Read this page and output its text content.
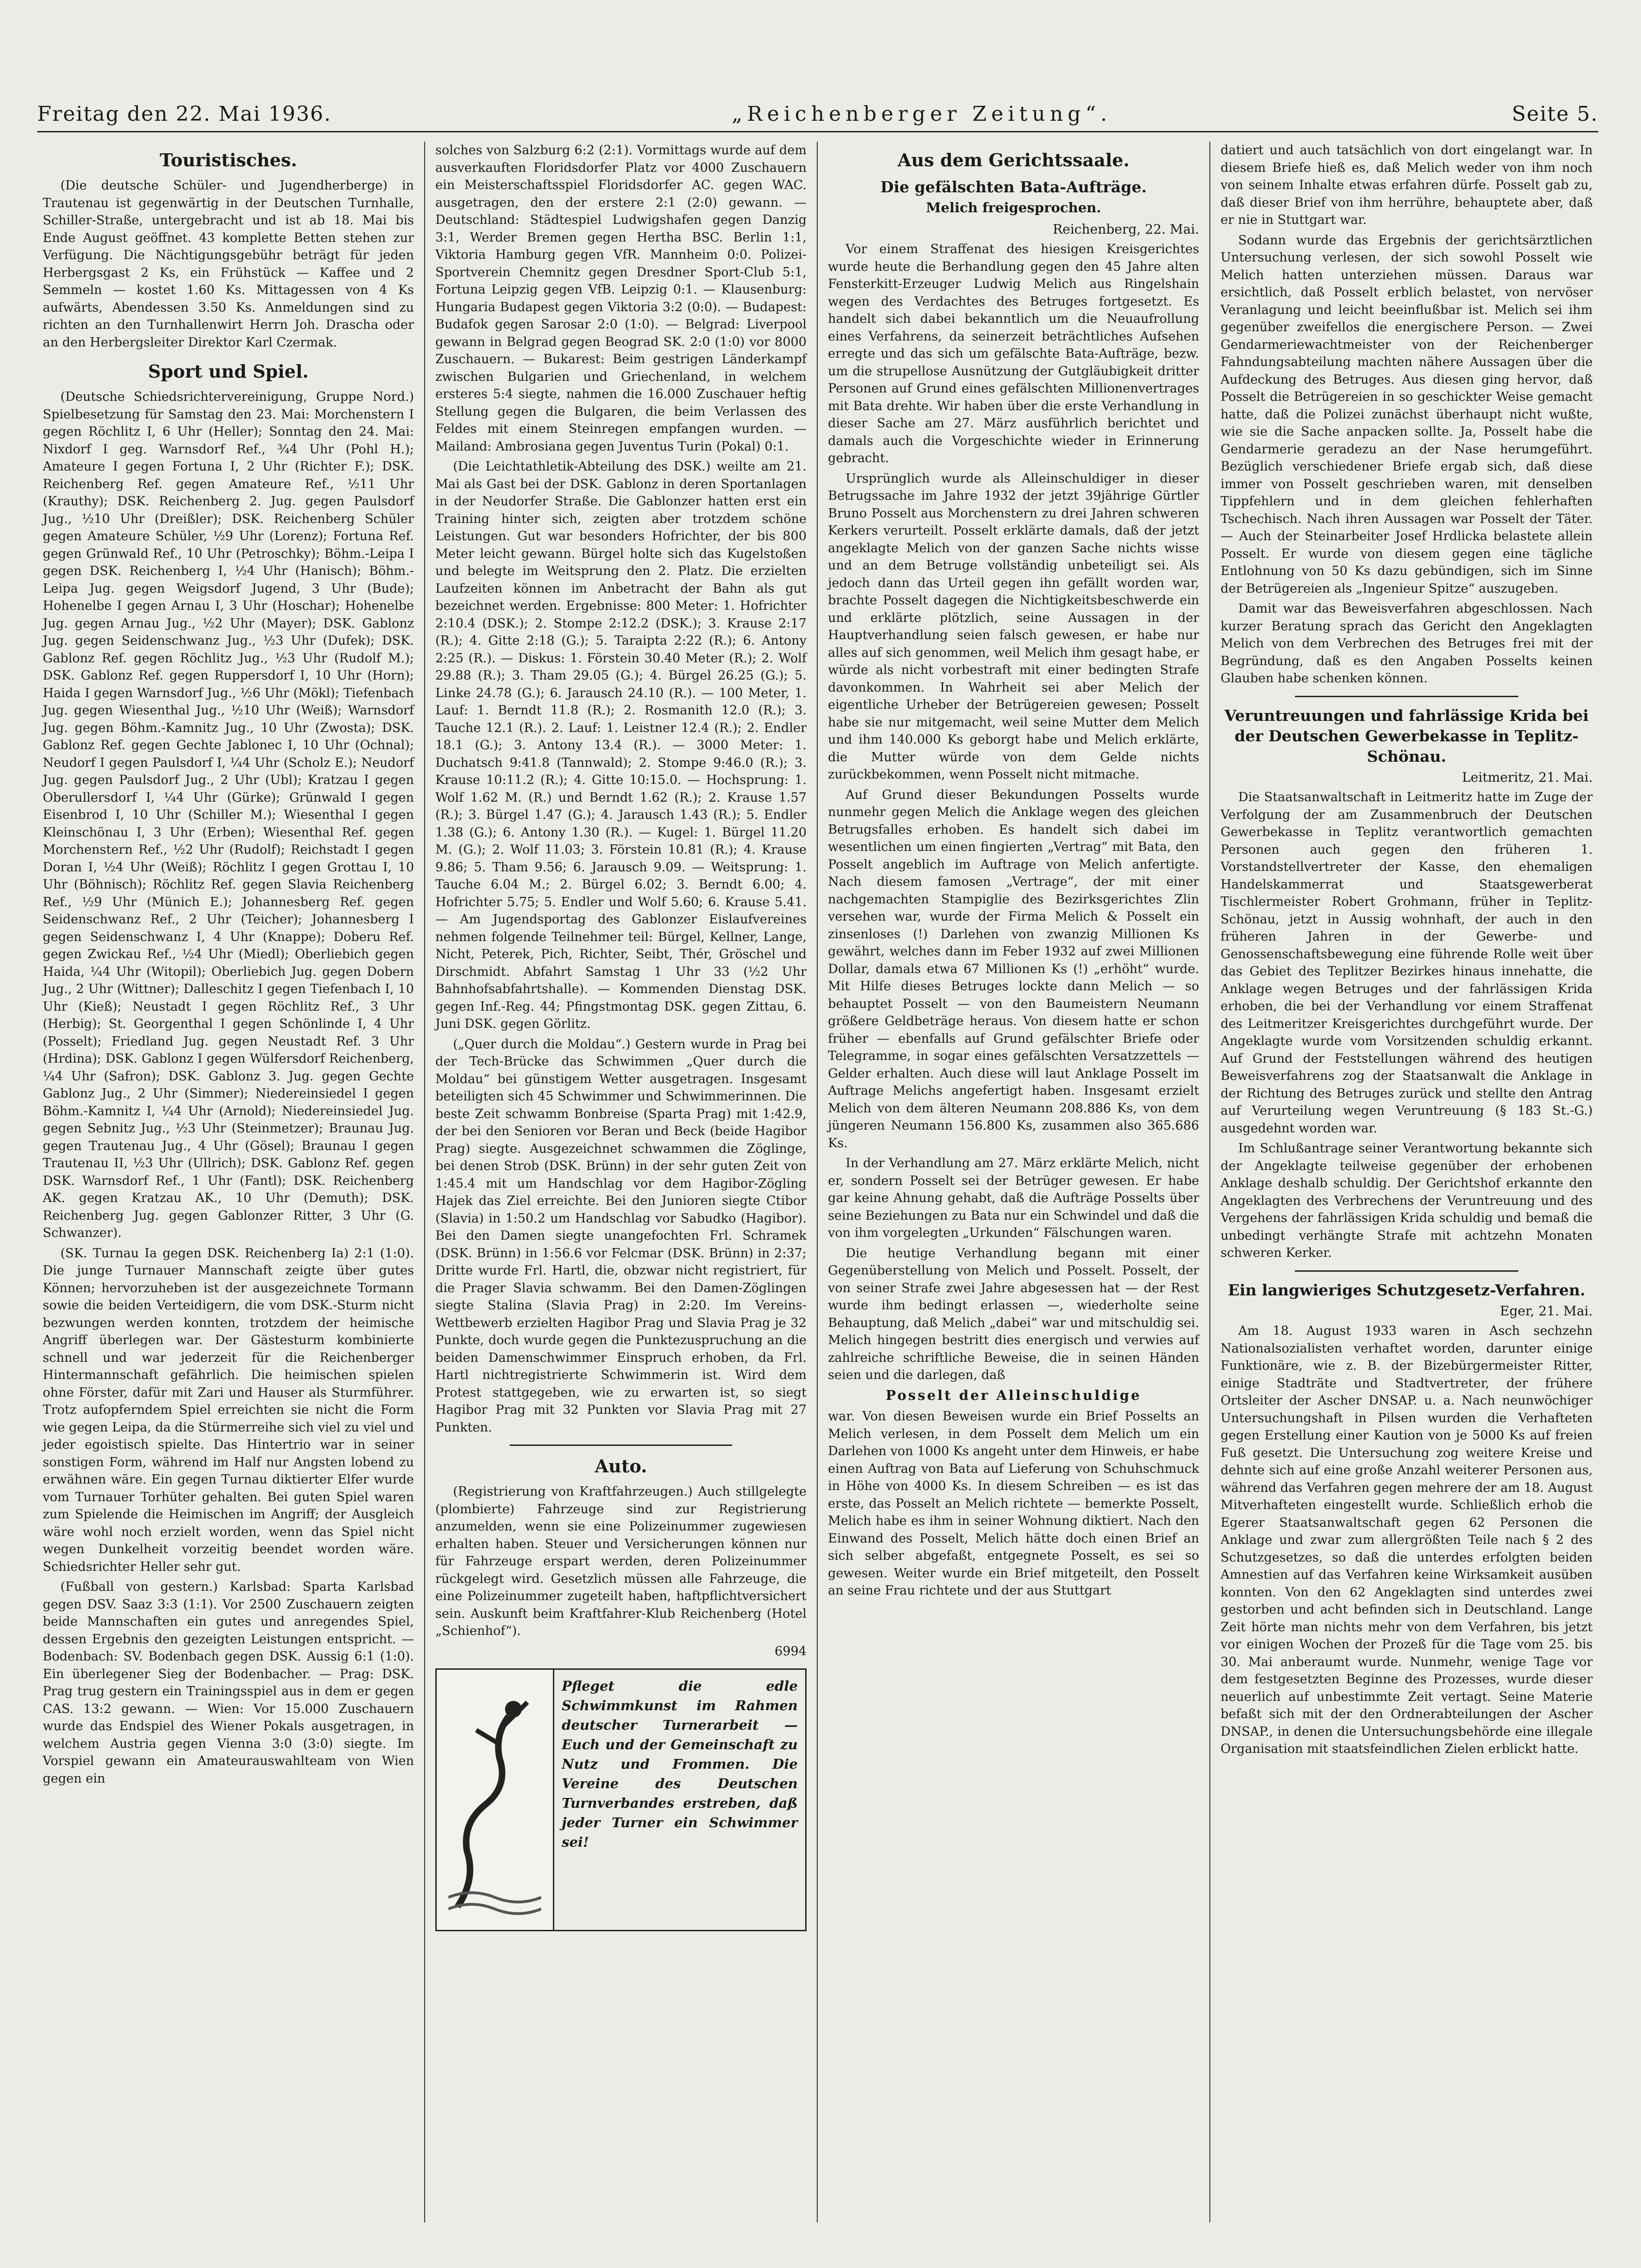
Freitag den 22. Mai 1936.	„Reichenberger Zeitung“.	Seite 5.
Touristisches.

(Die deutsche Schüler- und Jugendherberge) in Trautenau ist gegenwärtig in der Deutschen Turnhalle, Schiller-Straße, untergebracht und ist ab 18. Mai bis Ende August geöffnet. 43 komplette Betten stehen zur Verfügung. Die Nächtigungsgebühr beträgt für jeden Herbergsgast 2 Ks, ein Frühstück — Kaffee und 2 Semmeln — kostet 1.60 Ks. Mittagessen von 4 Ks aufwärts, Abendessen 3.50 Ks. Anmeldungen sind zu richten an den Turnhallenwirt Herrn Joh. Drascha oder an den Herbergsleiter Direktor Karl Czermak.

Sport und Spiel.

(Deutsche Schiedsrichtervereinigung, Gruppe Nord.) Spielbesetzung für Samstag den 23. Mai: Morchenstern I gegen Röchlitz I, 6 Uhr (Heller); Sonntag den 24. Mai: Nixdorf I geg. Warnsdorf Ref., ¾4 Uhr (Pohl H.); Amateure I gegen Fortuna I, 2 Uhr (Richter F.); DSK. Reichenberg Ref. gegen Amateure Ref., ½11 Uhr (Krauthy); DSK. Reichenberg 2. Jug. gegen Paulsdorf Jug., ½10 Uhr (Dreißler); DSK. Reichenberg Schüler gegen Amateure Schüler, ½9 Uhr (Lorenz); Fortuna Ref. gegen Grünwald Ref., 10 Uhr (Petroschky); Böhm.-Leipa I gegen DSK. Reichenberg I, ½4 Uhr (Hanisch); Böhm.-Leipa Jug. gegen Weigsdorf Jugend, 3 Uhr (Bude); Hohenelbe I gegen Arnau I, 3 Uhr (Hoschar); Hohenelbe Jug. gegen Arnau Jug., ½2 Uhr (Mayer); DSK. Gablonz Jug. gegen Seidenschwanz Jug., ½3 Uhr (Dufek); DSK. Gablonz Ref. gegen Röchlitz Jug., ½3 Uhr (Rudolf M.); DSK. Gablonz Ref. gegen Ruppersdorf I, 10 Uhr (Horn); Haida I gegen Warnsdorf Jug., ½6 Uhr (Mökl); Tiefenbach Jug. gegen Wiesenthal Jug., ½10 Uhr (Weiß); Warnsdorf Jug. gegen Böhm.-Kamnitz Jug., 10 Uhr (Zwosta); DSK. Gablonz Ref. gegen Gechte Jablonec I, 10 Uhr (Ochnal); Neudorf I gegen Paulsdorf I, ¼4 Uhr (Scholz E.); Neudorf Jug. gegen Paulsdorf Jug., 2 Uhr (Ubl); Kratzau I gegen Oberullersdorf I, ¼4 Uhr (Gürke); Grünwald I gegen Eisenbrod I, 10 Uhr (Schiller M.); Wiesenthal I gegen Kleinschönau I, 3 Uhr (Erben); Wiesenthal Ref. gegen Morchenstern Ref., ½2 Uhr (Rudolf); Reichstadt I gegen Doran I, ½4 Uhr (Weiß); Röchlitz I gegen Grottau I, 10 Uhr (Böhnisch); Röchlitz Ref. gegen Slavia Reichenberg Ref., ½9 Uhr (Münich E.); Johannesberg Ref. gegen Seidenschwanz Ref., 2 Uhr (Teicher); Johannesberg I gegen Seidenschwanz I, 4 Uhr (Knappe); Doberu Ref. gegen Zwickau Ref., ½4 Uhr (Miedl); Oberliebich gegen Haida, ¼4 Uhr (Witopil); Oberliebich Jug. gegen Dobern Jug., 2 Uhr (Wittner); Dalleschitz I gegen Tiefenbach I, 10 Uhr (Kieß); Neustadt I gegen Röchlitz Ref., 3 Uhr (Herbig); St. Georgenthal I gegen Schönlinde I, 4 Uhr (Posselt); Friedland Jug. gegen Neustadt Ref. 3 Uhr (Hrdina); DSK. Gablonz I gegen Wülfersdorf Reichenberg, ¼4 Uhr (Safron); DSK. Gablonz 3. Jug. gegen Gechte Gablonz Jug., 2 Uhr (Simmer); Niedereinsiedel I gegen Böhm.-Kamnitz I, ¼4 Uhr (Arnold); Niedereinsiedel Jug. gegen Sebnitz Jug., ½3 Uhr (Steinmetzer); Braunau Jug. gegen Trautenau Jug., 4 Uhr (Gösel); Braunau I gegen Trautenau II, ½3 Uhr (Ullrich); DSK. Gablonz Ref. gegen DSK. Warnsdorf Ref., 1 Uhr (Fantl); DSK. Reichenberg AK. gegen Kratzau AK., 10 Uhr (Demuth); DSK. Reichenberg Jug. gegen Gablonzer Ritter, 3 Uhr (G. Schwanzer).

(SK. Turnau Ia gegen DSK. Reichenberg Ia) 2:1 (1:0). Die junge Turnauer Mannschaft zeigte über gutes Können; hervorzuheben ist der ausgezeichnete Tormann sowie die beiden Verteidigern, die vom DSK.-Sturm nicht bezwungen werden konnten, trotzdem der heimische Angriff überlegen war. Der Gästesturm kombinierte schnell und war jederzeit für die Reichenberger Hintermannschaft gefährlich. Die heimischen spielen ohne Förster, dafür mit Zari und Hauser als Sturmführer. Trotz aufopferndem Spiel erreichten sie nicht die Form wie gegen Leipa, da die Stürmerreihe sich viel zu viel und jeder egoistisch spielte. Das Hintertrio war in seiner sonstigen Form, während im Half nur Angsten lobend zu erwähnen wäre. Ein gegen Turnau diktierter Elfer wurde vom Turnauer Torhüter gehalten. Bei guten Spiel waren zum Spielende die Heimischen im Angriff; der Ausgleich wäre wohl noch erzielt worden, wenn das Spiel nicht wegen Dunkelheit vorzeitig beendet worden wäre. Schiedsrichter Heller sehr gut.

(Fußball von gestern.) Karlsbad: Sparta Karlsbad gegen DSV. Saaz 3:3 (1:1). Vor 2500 Zuschauern zeigten beide Mannschaften ein gutes und anregendes Spiel, dessen Ergebnis den gezeigten Leistungen entspricht. — Bodenbach: SV. Bodenbach gegen DSK. Aussig 6:1 (1:0). Ein überlegener Sieg der Bodenbacher. — Prag: DSK. Prag trug gestern ein Trainingsspiel aus in dem er gegen CAS. 13:2 gewann. — Wien: Vor 15.000 Zuschauern wurde das Endspiel des Wiener Pokals ausgetragen, in welchem Austria gegen Vienna 3:0 (3:0) siegte. Im Vorspiel gewann ein Amateurauswahlteam von Wien gegen ein

solches von Salzburg 6:2 (2:1). Vormittags wurde auf dem ausverkauften Floridsdorfer Platz vor 4000 Zuschauern ein Meisterschaftsspiel Floridsdorfer AC. gegen WAC. ausgetragen, den der erstere 2:1 (2:0) gewann. — Deutschland: Städtespiel Ludwigshafen gegen Danzig 3:1, Werder Bremen gegen Hertha BSC. Berlin 1:1, Viktoria Hamburg gegen VfR. Mannheim 0:0. Polizei-Sportverein Chemnitz gegen Dresdner Sport-Club 5:1, Fortuna Leipzig gegen VfB. Leipzig 0:1. — Klausenburg: Hungaria Budapest gegen Viktoria 3:2 (0:0). — Budapest: Budafok gegen Sarosar 2:0 (1:0). — Belgrad: Liverpool gewann in Belgrad gegen Beograd SK. 2:0 (1:0) vor 8000 Zuschauern. — Bukarest: Beim gestrigen Länderkampf zwischen Bulgarien und Griechenland, in welchem ersteres 5:4 siegte, nahmen die 16.000 Zuschauer heftig Stellung gegen die Bulgaren, die beim Verlassen des Feldes mit einem Steinregen empfangen wurden. — Mailand: Ambrosiana gegen Juventus Turin (Pokal) 0:1.

(Die Leichtathletik-Abteilung des DSK.) weilte am 21. Mai als Gast bei der DSK. Gablonz in deren Sportanlagen in der Neudorfer Straße. Die Gablonzer hatten erst ein Training hinter sich, zeigten aber trotzdem schöne Leistungen. Gut war besonders Hofrichter, der bis 800 Meter leicht gewann. Bürgel holte sich das Kugelstoßen und belegte im Weitsprung den 2. Platz. Die erzielten Laufzeiten können im Anbetracht der Bahn als gut bezeichnet werden. Ergebnisse: 800 Meter: 1. Hofrichter 2:10.4 (DSK.); 2. Stompe 2:12.2 (DSK.); 3. Krause 2:17 (R.); 4. Gitte 2:18 (G.); 5. Taraipta 2:22 (R.); 6. Antony 2:25 (R.). — Diskus: 1. Förstein 30.40 Meter (R.); 2. Wolf 29.88 (R.); 3. Tham 29.05 (G.); 4. Bürgel 26.25 (G.); 5. Linke 24.78 (G.); 6. Jarausch 24.10 (R.). — 100 Meter, 1. Lauf: 1. Berndt 11.8 (R.); 2. Rosmanith 12.0 (R.); 3. Tauche 12.1 (R.). 2. Lauf: 1. Leistner 12.4 (R.); 2. Endler 18.1 (G.); 3. Antony 13.4 (R.). — 3000 Meter: 1. Duchatsch 9:41.8 (Tannwald); 2. Stompe 9:46.0 (R.); 3. Krause 10:11.2 (R.); 4. Gitte 10:15.0. — Hochsprung: 1. Wolf 1.62 M. (R.) und Berndt 1.62 (R.); 2. Krause 1.57 (R.); 3. Bürgel 1.47 (G.); 4. Jarausch 1.43 (R.); 5. Endler 1.38 (G.); 6. Antony 1.30 (R.). — Kugel: 1. Bürgel 11.20 M. (G.); 2. Wolf 11.03; 3. Förstein 10.81 (R.); 4. Krause 9.86; 5. Tham 9.56; 6. Jarausch 9.09. — Weitsprung: 1. Tauche 6.04 M.; 2. Bürgel 6.02; 3. Berndt 6.00; 4. Hofrichter 5.75; 5. Endler und Wolf 5.60; 6. Krause 5.41. — Am Jugendsportag des Gablonzer Eislaufvereines nehmen folgende Teilnehmer teil: Bürgel, Kellner, Lange, Nicht, Peterek, Pich, Richter, Seibt, Thér, Gröschel und Dirschmidt. Abfahrt Samstag 1 Uhr 33 (½2 Uhr Bahnhofsabfahrtshalle). — Kommenden Dienstag DSK. gegen Inf.-Reg. 44; Pfingstmontag DSK. gegen Zittau, 6. Juni DSK. gegen Görlitz.

(„Quer durch die Moldau“.) Gestern wurde in Prag bei der Tech-Brücke das Schwimmen „Quer durch die Moldau“ bei günstigem Wetter ausgetragen. Insgesamt beteiligten sich 45 Schwimmer und Schwimmerinnen. Die beste Zeit schwamm Bonbreise (Sparta Prag) mit 1:42.9, der bei den Senioren vor Beran und Beck (beide Hagibor Prag) siegte. Ausgezeichnet schwammen die Zöglinge, bei denen Strob (DSK. Brünn) in der sehr guten Zeit von 1:45.4 mit um Handschlag vor dem Hagibor-Zögling Hajek das Ziel erreichte. Bei den Junioren siegte Ctibor (Slavia) in 1:50.2 um Handschlag vor Sabudko (Hagibor). Bei den Damen siegte unangefochten Frl. Schramek (DSK. Brünn) in 1:56.6 vor Felcmar (DSK. Brünn) in 2:37; Dritte wurde Frl. Hartl, die, obzwar nicht registriert, für die Prager Slavia schwamm. Bei den Damen-Zöglingen siegte Stalina (Slavia Prag) in 2:20. Im Vereins-Wettbewerb erzielten Hagibor Prag und Slavia Prag je 32 Punkte, doch wurde gegen die Punktezuspruchung an die beiden Damenschwimmer Einspruch erhoben, da Frl. Hartl nichtregistrierte Schwimmerin ist. Wird dem Protest stattgegeben, wie zu erwarten ist, so siegt Hagibor Prag mit 32 Punkten vor Slavia Prag mit 27 Punkten.

Auto.

(Registrierung von Kraftfahrzeugen.) Auch stillgelegte (plombierte) Fahrzeuge sind zur Registrierung anzumelden, wenn sie eine Polizeinummer zugewiesen erhalten haben. Steuer und Versicherungen können nur für Fahrzeuge erspart werden, deren Polizeinummer rückgelegt wird. Gesetzlich müssen alle Fahrzeuge, die eine Polizeinummer zugeteilt haben, haftpflichtversichert sein. Auskunft beim Kraftfahrer-Klub Reichenberg (Hotel „Schienhof“).

6994
Pfleget die edle Schwimmkunst im Rahmen deutscher Turnerarbeit — Euch und der Gemeinschaft zu Nutz und Frommen. Die Vereine des Deutschen Turnverbandes erstreben, daß jeder Turner ein Schwimmer sei!
Aus dem Gerichtssaale.
Die gefälschten Bata-Aufträge.
Melich freigesprochen.
Reichenberg, 22. Mai.

Vor einem Straffenat des hiesigen Kreisgerichtes wurde heute die Berhandlung gegen den 45 Jahre alten Fensterkitt-Erzeuger Ludwig Melich aus Ringelshain wegen des Verdachtes des Betruges fortgesetzt. Es handelt sich dabei bekanntlich um die Neuaufrollung eines Verfahrens, da seinerzeit beträchtliches Aufsehen erregte und das sich um gefälschte Bata-Aufträge, bezw. um die strupellose Ausnützung der Gutgläubigkeit dritter Personen auf Grund eines gefälschten Millionenvertrages mit Bata drehte. Wir haben über die erste Verhandlung in dieser Sache am 27. März ausführlich berichtet und damals auch die Vorgeschichte wieder in Erinnerung gebracht.

Ursprünglich wurde als Alleinschuldiger in dieser Betrugssache im Jahre 1932 der jetzt 39jährige Gürtler Bruno Posselt aus Morchenstern zu drei Jahren schweren Kerkers verurteilt. Posselt erklärte damals, daß der jetzt angeklagte Melich von der ganzen Sache nichts wisse und an dem Betruge vollständig unbeteiligt sei. Als jedoch dann das Urteil gegen ihn gefällt worden war, brachte Posselt dagegen die Nichtigkeitsbeschwerde ein und erklärte plötzlich, seine Aussagen in der Hauptverhandlung seien falsch gewesen, er habe nur alles auf sich genommen, weil Melich ihm gesagt habe, er würde als nicht vorbestraft mit einer bedingten Strafe davonkommen. In Wahrheit sei aber Melich der eigentliche Urheber der Betrügereien gewesen; Posselt habe sie nur mitgemacht, weil seine Mutter dem Melich und ihm 140.000 Ks geborgt habe und Melich erklärte, die Mutter würde von dem Gelde nichts zurückbekommen, wenn Posselt nicht mitmache.

Auf Grund dieser Bekundungen Posselts wurde nunmehr gegen Melich die Anklage wegen des gleichen Betrugsfalles erhoben. Es handelt sich dabei im wesentlichen um einen fingierten „Vertrag“ mit Bata, den Posselt angeblich im Auftrage von Melich anfertigte. Nach diesem famosen „Vertrage“, der mit einer nachgemachten Stampiglie des Bezirksgerichtes Zlin versehen war, wurde der Firma Melich & Posselt ein zinsenloses (!) Darlehen von zwanzig Millionen Ks gewährt, welches dann im Feber 1932 auf zwei Millionen Dollar, damals etwa 67 Millionen Ks (!) „erhöht“ wurde. Mit Hilfe dieses Betruges lockte dann Melich — so behauptet Posselt — von den Baumeistern Neumann größere Geldbeträge heraus. Von diesem hatte er schon früher — ebenfalls auf Grund gefälschter Briefe oder Telegramme, in sogar eines gefälschten Versatzzettels — Gelder erhalten. Auch diese will laut Anklage Posselt im Auftrage Melichs angefertigt haben. Insgesamt erzielt Melich von dem älteren Neumann 208.886 Ks, von dem jüngeren Neumann 156.800 Ks, zusammen also 365.686 Ks.

In der Verhandlung am 27. März erklärte Melich, nicht er, sondern Posselt sei der Betrüger gewesen. Er habe gar keine Ahnung gehabt, daß die Aufträge Posselts über seine Beziehungen zu Bata nur ein Schwindel und daß die von ihm vorgelegten „Urkunden“ Fälschungen waren.

Die heutige Verhandlung begann mit einer Gegenüberstellung von Melich und Posselt. Posselt, der von seiner Strafe zwei Jahre abgesessen hat — der Rest wurde ihm bedingt erlassen —, wiederholte seine Behauptung, daß Melich „dabei“ war und mitschuldig sei. Melich hingegen bestritt dies energisch und verwies auf zahlreiche schriftliche Beweise, die in seinen Händen seien und die darlegen, daß

Posselt der Alleinschuldige

war. Von diesen Beweisen wurde ein Brief Posselts an Melich verlesen, in dem Posselt dem Melich um ein Darlehen von 1000 Ks angeht unter dem Hinweis, er habe einen Auftrag von Bata auf Lieferung von Schuhschmuck in Höhe von 4000 Ks. In diesem Schreiben — es ist das erste, das Posselt an Melich richtete — bemerkte Posselt, Melich habe es ihm in seiner Wohnung diktiert. Nach den Einwand des Posselt, Melich hätte doch einen Brief an sich selber abgefaßt, entgegnete Posselt, es sei so gewesen. Weiter wurde ein Brief mitgeteilt, den Posselt an seine Frau richtete und der aus Stuttgart

datiert und auch tatsächlich von dort eingelangt war. In diesem Briefe hieß es, daß Melich weder von ihm noch von seinem Inhalte etwas erfahren dürfe. Posselt gab zu, daß dieser Brief von ihm herrühre, behauptete aber, daß er nie in Stuttgart war.

Sodann wurde das Ergebnis der gerichtsärztlichen Untersuchung verlesen, der sich sowohl Posselt wie Melich hatten unterziehen müssen. Daraus war ersichtlich, daß Posselt erblich belastet, von nervöser Veranlagung und leicht beeinflußbar ist. Melich sei ihm gegenüber zweifellos die energischere Person. — Zwei Gendarmeriewachtmeister von der Reichenberger Fahndungsabteilung machten nähere Aussagen über die Aufdeckung des Betruges. Aus diesen ging hervor, daß Posselt die Betrügereien in so geschickter Weise gemacht hatte, daß die Polizei zunächst überhaupt nicht wußte, wie sie die Sache anpacken sollte. Ja, Posselt habe die Gendarmerie geradezu an der Nase herumgeführt. Bezüglich verschiedener Briefe ergab sich, daß diese immer von Posselt geschrieben waren, mit denselben Tippfehlern und in dem gleichen fehlerhaften Tschechisch. Nach ihren Aussagen war Posselt der Täter. — Auch der Steinarbeiter Josef Hrdlicka belastete allein Posselt. Er wurde von diesem gegen eine tägliche Entlohnung von 50 Ks dazu gebündigen, sich im Sinne der Betrügereien als „Ingenieur Spitze“ auszugeben.

Damit war das Beweisverfahren abgeschlossen. Nach kurzer Beratung sprach das Gericht den Angeklagten Melich von dem Verbrechen des Betruges frei mit der Begründung, daß es den Angaben Posselts keinen Glauben habe schenken können.

Veruntreuungen und fahrlässige Krida bei der Deutschen Gewerbekasse in Teplitz-Schönau.
Leitmeritz, 21. Mai.

Die Staatsanwaltschaft in Leitmeritz hatte im Zuge der Verfolgung der am Zusammenbruch der Deutschen Gewerbekasse in Teplitz verantwortlich gemachten Personen auch gegen den früheren 1. Vorstandstellvertreter der Kasse, den ehemaligen Handelskammerrat und Staatsgewerberat Tischlermeister Robert Grohmann, früher in Teplitz-Schönau, jetzt in Aussig wohnhaft, der auch in den früheren Jahren in der Gewerbe- und Genossenschaftsbewegung eine führende Rolle weit über das Gebiet des Teplitzer Bezirkes hinaus innehatte, die Anklage wegen Betruges und der fahrlässigen Krida erhoben, die bei der Verhandlung vor einem Straffenat des Leitmeritzer Kreisgerichtes durchgeführt wurde. Der Angeklagte wurde vom Vorsitzenden schuldig erkannt. Auf Grund der Feststellungen während des heutigen Beweisverfahrens zog der Staatsanwalt die Anklage in der Richtung des Betruges zurück und stellte den Antrag auf Verurteilung wegen Veruntreuung (§ 183 St.-G.) ausgedehnt worden war.

Im Schlußantrage seiner Verantwortung bekannte sich der Angeklagte teilweise gegenüber der erhobenen Anklage deshalb schuldig. Der Gerichtshof erkannte den Angeklagten des Verbrechens der Veruntreuung und des Vergehens der fahrlässigen Krida schuldig und bemaß die unbedingt verhängte Strafe mit achtzehn Monaten schweren Kerker.

Ein langwieriges Schutzgesetz-Verfahren.
Eger, 21. Mai.

Am 18. August 1933 waren in Asch sechzehn Nationalsozialisten verhaftet worden, darunter einige Funktionäre, wie z. B. der Bizebürgermeister Ritter, einige Stadträte und Stadtvertreter, der frühere Ortsleiter der Ascher DNSAP. u. a. Nach neunwöchiger Untersuchungshaft in Pilsen wurden die Verhafteten gegen Erstellung einer Kaution von je 5000 Ks auf freien Fuß gesetzt. Die Untersuchung zog weitere Kreise und dehnte sich auf eine große Anzahl weiterer Personen aus, während das Verfahren gegen mehrere der am 18. August Mitverhafteten eingestellt wurde. Schließlich erhob die Egerer Staatsanwaltschaft gegen 62 Personen die Anklage und zwar zum allergrößten Teile nach § 2 des Schutzgesetzes, so daß die unterdes erfolgten beiden Amnestien auf das Verfahren keine Wirksamkeit ausüben konnten. Von den 62 Angeklagten sind unterdes zwei gestorben und acht befinden sich in Deutschland. Lange Zeit hörte man nichts mehr von dem Verfahren, bis jetzt vor einigen Wochen der Prozeß für die Tage vom 25. bis 30. Mai anberaumt wurde. Nunmehr, wenige Tage vor dem festgesetzten Beginne des Prozesses, wurde dieser neuerlich auf unbestimmte Zeit vertagt. Seine Materie befaßt sich mit der den Ordnerabteilungen der Ascher DNSAP., in denen die Untersuchungsbehörde eine illegale Organisation mit staatsfeindlichen Zielen erblickt hatte.
